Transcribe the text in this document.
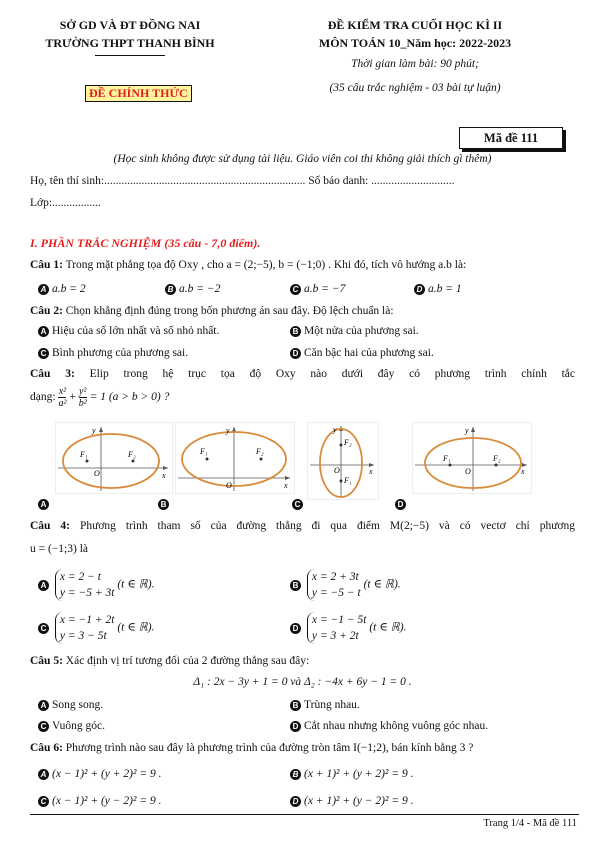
SỞ GD VÀ ĐT ĐỒNG NAI
TRƯỜNG THPT THANH BÌNH
ĐỀ CHÍNH THỨC
ĐỀ KIỂM TRA CUỐI HỌC KÌ II
MÔN TOÁN 10_Năm học: 2022-2023
Thời gian làm bài: 90 phút;
(35 câu trắc nghiệm - 03 bài tự luận)
Mã đề 111
(Học sinh không được sử dụng tài liệu. Giáo viên coi thi không giải thích gì thêm)
Họ, tên thí sinh:...................................................................... Số báo danh: .............................
Lớp:.................
I. PHẦN TRẮC NGHIỆM (35 câu - 7,0 điểm).
Câu 1: Trong mặt phẳng tọa độ Oxy , cho a = (2;−5), b = (−1;0) . Khi đó, tích vô hướng a.b là:
A a.b = 2	B a.b = −2	C a.b = −7	D a.b = 1
Câu 2: Chọn khẳng định đúng trong bốn phương án sau đây. Độ lệch chuẩn là:
A Hiệu của số lớn nhất và số nhỏ nhất.	B Một nửa của phương sai.
C Bình phương của phương sai.	D Căn bậc hai của phương sai.
Câu 3: Elip trong hệ trục tọa độ Oxy nào dưới đây có phương trình chính tắc
dạng: $\frac{\text{x²}}{\text{a²}} + \frac{\text{y²}}{\text{b²}} = 1$ (a > b > 0) ?
F₁	F₂
O	x
y
F₁	F₂
O	x
y
F₂
F₁
O	x
y
F₁	F₂
O	x
y
A	B	C	D
Câu 4: Phương trình tham số của đường thẳng đi qua điểm M(2;−5) và có vectơ chỉ phương
u = (−1;3) là
A
x = 2 − t
y = −5 + 3t
(t ∈ ℝ).	B
x = 2 + 3t
y = −5 − t
(t ∈ ℝ).
C
x = −1 + 2t
y = 3 − 5t
(t ∈ ℝ).	D
x = −1 − 5t
y = 3 + 2t
(t ∈ ℝ).
Câu 5: Xác định vị trí tương đối của 2 đường thẳng sau đây:
Δ₁ : 2x − 3y + 1 = 0 và Δ₂ : −4x + 6y − 1 = 0 .
A Song song.	B Trùng nhau.
C Vuông góc.	D Cắt nhau nhưng không vuông góc nhau.
Câu 6: Phương trình nào sau đây là phương trình của đường tròn tâm I(−1;2), bán kính bằng 3 ?
A (x − 1)² + (y + 2)² = 9 .	B (x + 1)² + (y + 2)² = 9 .
C (x − 1)² + (y − 2)² = 9 .	D (x + 1)² + (y − 2)² = 9 .
Trang 1/4 - Mã đề 111
